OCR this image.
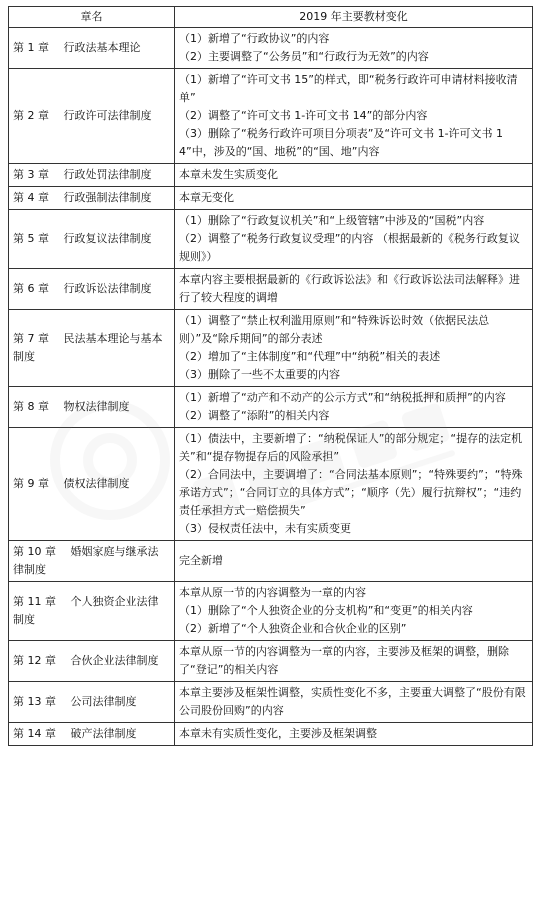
章名	2019 年主要教材变化
第 1 章　 行政法基本理论	（1）新增了“行政协议”的内容
（2）主要调整了“公务员”和“行政行为无效”的内容

第 2 章　 行政许可法律制度	（1）新增了“许可文书 15”的样式，即“税务行政许可申请材料接收清单”
（2）调整了“许可文书 1-许可文书 14”的部分内容
（3）删除了“税务行政许可项目分项表”及“许可文书 1-许可文书 14”中，涉及的“国、地税”的“国、地”内容

第 3 章　 行政处罚法律制度	本章未发生实质变化

第 4 章　 行政强制法律制度	本章无变化

第 5 章　 行政复议法律制度	（1）删除了“行政复议机关”和“上级管辖”中涉及的“国税”内容
（2）调整了“税务行政复议受理”的内容 （根据最新的《税务行政复议规则》）

第 6 章　 行政诉讼法律制度	本章内容主要根据最新的《行政诉讼法》和《行政诉讼法司法解释》进行了较大程度的调增

第 7 章　 民法基本理论与基本制度	（1）调整了“禁止权利滥用原则”和“特殊诉讼时效（依据民法总则）”及“除斥期间”的部分表述
（2）增加了“主体制度”和“代理”中“纳税”相关的表述
（3）删除了一些不太重要的内容

第 8 章　 物权法律制度	（1）新增了“动产和不动产的公示方式”和“纳税抵押和质押”的内容
（2）调整了“添附”的相关内容

第 9 章　 债权法律制度	（1）债法中，主要新增了：“纳税保证人”的部分规定；“提存的法定机关”和“提存物提存后的风险承担”
（2）合同法中，主要调增了：“合同法基本原则”；“特殊要约”；“特殊承诺方式”；“合同订立的具体方式”；“顺序（先）履行抗辩权”；“违约责任承担方式一赔偿损失”
（3）侵权责任法中，未有实质变更

第 10 章　 婚姻家庭与继承法律制度	完全新增

第 11 章　 个人独资企业法律制度	本章从原一节的内容调整为一章的内容
（1）删除了“个人独资企业的分支机构”和“变更”的相关内容
（2）新增了“个人独资企业和合伙企业的区别”

第 12 章　 合伙企业法律制度	本章从原一节的内容调整为一章的内容，主要涉及框架的调整，删除了“登记”的相关内容

第 13 章　 公司法律制度	本章主要涉及框架性调整，实质性变化不多，主要重大调整了“股份有限公司股份回购”的内容

第 14 章　 破产法律制度	本章未有实质性变化，主要涉及框架调整
